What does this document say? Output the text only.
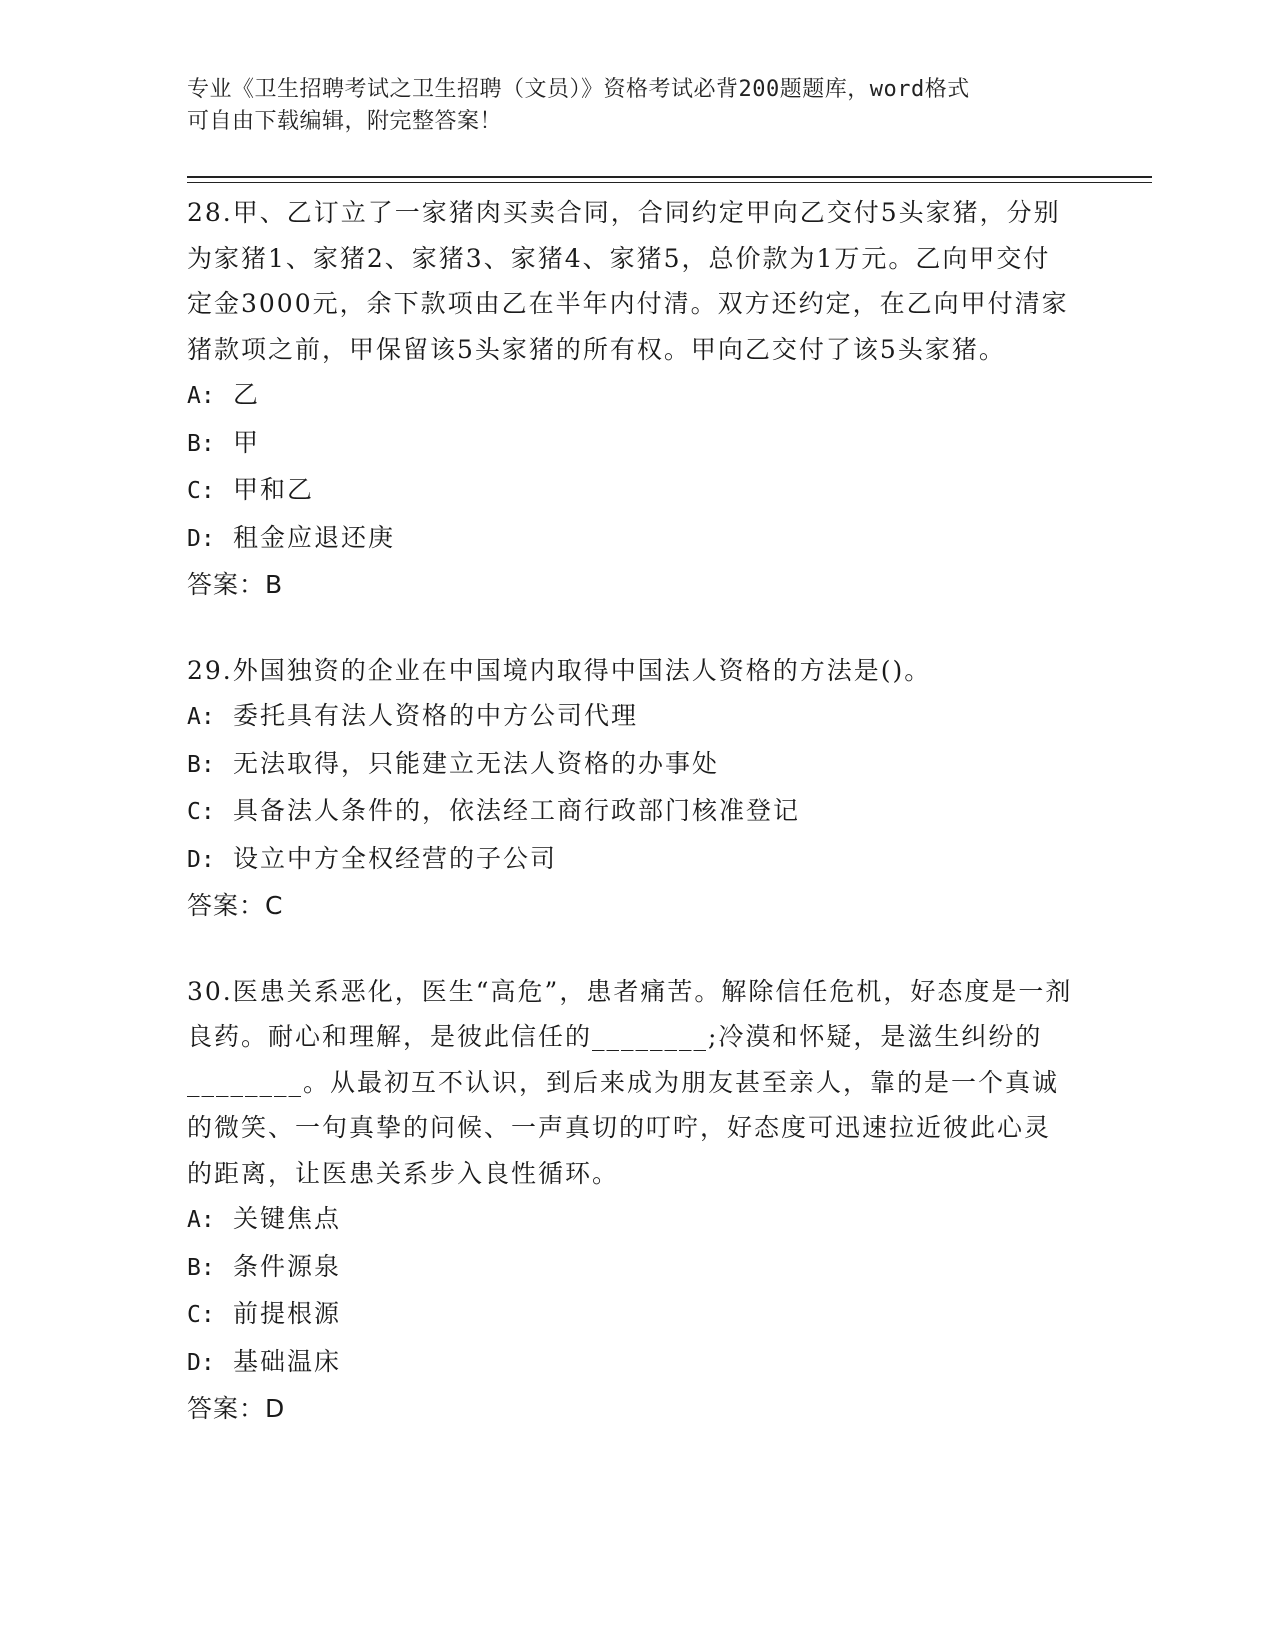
专业《卫生招聘考试之卫生招聘（文员）》资格考试必背200题题库，word格式
可自由下载编辑，附完整答案！

28.甲、乙订立了一家猪肉买卖合同，合同约定甲向乙交付5头家猪，分别为家猪1、家猪2、家猪3、家猪4、家猪5，总价款为1万元。乙向甲交付定金3000元，余下款项由乙在半年内付清。双方还约定，在乙向甲付清家猪款项之前，甲保留该5头家猪的所有权。甲向乙交付了该5头家猪。

A: 乙

B: 甲

C: 甲和乙

D: 租金应退还庚

答案：B

29.外国独资的企业在中国境内取得中国法人资格的方法是()。

A: 委托具有法人资格的中方公司代理

B: 无法取得，只能建立无法人资格的办事处

C: 具备法人条件的，依法经工商行政部门核准登记

D: 设立中方全权经营的子公司

答案：C

30.医患关系恶化，医生“高危”，患者痛苦。解除信任危机，好态度是一剂良药。耐心和理解，是彼此信任的________;冷漠和怀疑，是滋生纠纷的________。从最初互不认识，到后来成为朋友甚至亲人，靠的是一个真诚的微笑、一句真挚的问候、一声真切的叮咛，好态度可迅速拉近彼此心灵的距离，让医患关系步入良性循环。

A: 关键焦点

B: 条件源泉

C: 前提根源

D: 基础温床

答案：D
